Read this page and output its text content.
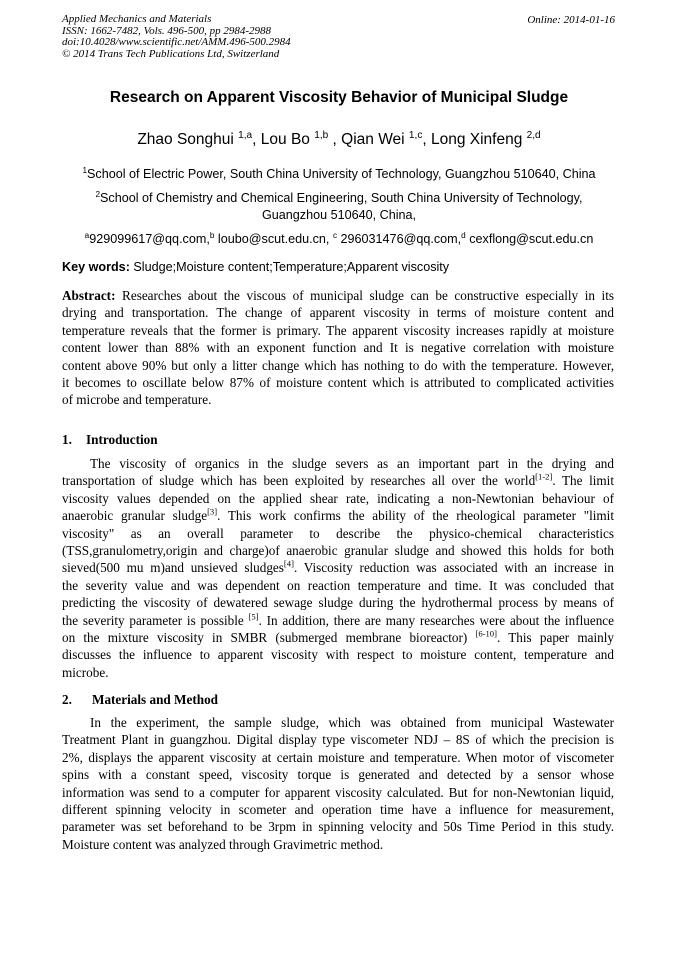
Applied Mechanics and Materials
ISSN: 1662-7482, Vols. 496-500, pp 2984-2988
doi:10.4028/www.scientific.net/AMM.496-500.2984
© 2014 Trans Tech Publications Ltd, Switzerland
Online: 2014-01-16
Research on Apparent Viscosity Behavior of Municipal Sludge
Zhao Songhui $^{1,a}$, Lou Bo $^{1,b}$ , Qian Wei $^{1,c}$, Long Xinfeng $^{2,d}$
$^1$School of Electric Power, South China University of Technology, Guangzhou 510640, China
$^2$School of Chemistry and Chemical Engineering, South China University of Technology,
Guangzhou 510640, China,
$^a$929099617@qq.com,$^b$ loubo@scut.edu.cn, $^c$ 296031476@qq.com,$^d$ cexflong@scut.edu.cn
Key words: Sludge;Moisture content;Temperature;Apparent viscosity
Abstract: Researches about the viscous of municipal sludge can be constructive especially in its
drying and transportation. The change of apparent viscosity in terms of moisture content and
temperature reveals that the former is primary. The apparent viscosity increases rapidly at moisture
content lower than 88% with an exponent function and It is negative correlation with moisture
content above 90% but only a litter change which has nothing to do with the temperature. However,
it becomes to oscillate below 87% of moisture content which is attributed to complicated activities
of microbe and temperature.
1. Introduction
The viscosity of organics in the sludge severs as an important part in the drying and
transportation of sludge which has been exploited by researches all over the world[1-2]. The limit
viscosity values depended on the applied shear rate, indicating a non-Newtonian behaviour of
anaerobic granular sludge[3]. This work confirms the ability of the rheological parameter "limit
viscosity" as an overall parameter to describe the physico-chemical characteristics
(TSS,granulometry,origin and charge)of anaerobic granular sludge and showed this holds for both
sieved(500 mu m)and unsieved sludges[4]. Viscosity reduction was associated with an increase in
the severity value and was dependent on reaction temperature and time. It was concluded that
predicting the viscosity of dewatered sewage sludge during the hydrothermal process by means of
the severity parameter is possible [5]. In addition, there are many researches were about the influence
on the mixture viscosity in SMBR (submerged membrane bioreactor) [6-10]. This paper mainly
discusses the influence to apparent viscosity with respect to moisture content, temperature and
microbe.
2. Materials and Method
In the experiment, the sample sludge, which was obtained from municipal Wastewater
Treatment Plant in guangzhou. Digital display type viscometer NDJ – 8S of which the precision is
2%, displays the apparent viscosity at certain moisture and temperature. When motor of viscometer
spins with a constant speed, viscosity torque is generated and detected by a sensor whose
information was send to a computer for apparent viscosity calculated. But for non-Newtonian liquid,
different spinning velocity in scometer and operation time have a influence for measurement,
parameter was set beforehand to be 3rpm in spinning velocity and 50s Time Period in this study.
Moisture content was analyzed through Gravimetric method.
